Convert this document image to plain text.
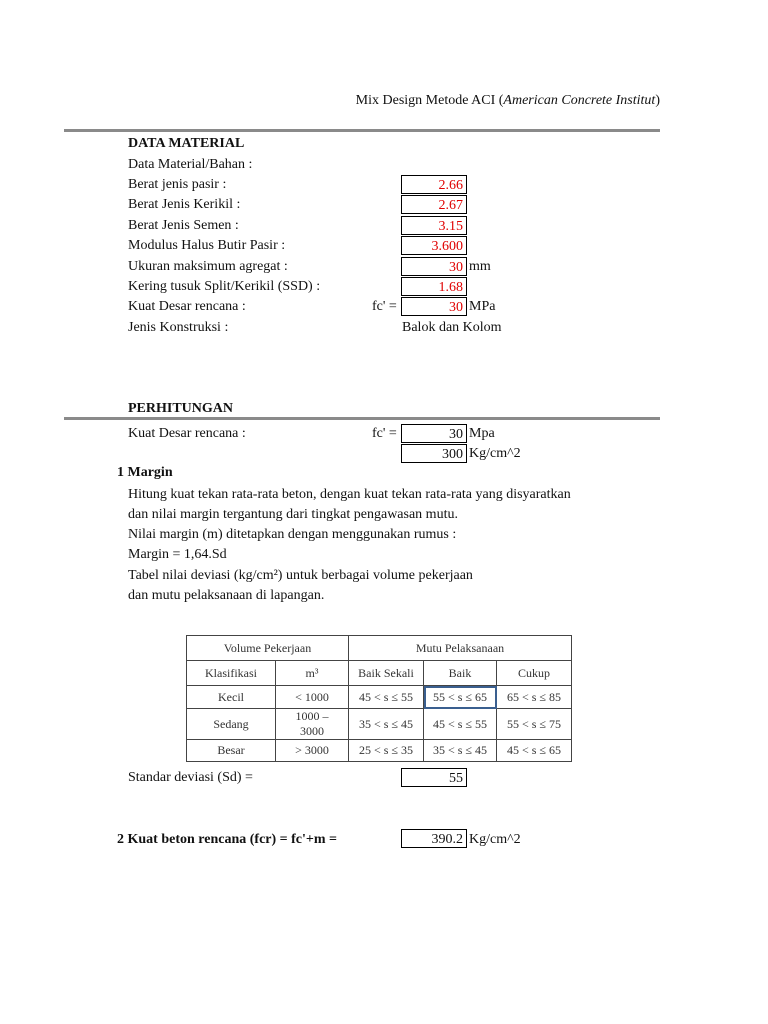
Mix Design Metode ACI (American Concrete Institut)
DATA MATERIAL
Data Material/Bahan :
Berat jenis pasir :	2.66
Berat Jenis Kerikil :	2.67
Berat Jenis Semen :	3.15
Modulus Halus Butir Pasir :	3.600
Ukuran maksimum agregat :	30 mm
Kering tusuk Split/Kerikil (SSD) :	1.68
Kuat Desar rencana :	fc' =	30 MPa
Jenis Konstruksi :	Balok dan Kolom
PERHITUNGAN
Kuat Desar rencana :	fc' =	30 Mpa
300 Kg/cm^2
1 Margin
Hitung kuat tekan rata-rata beton, dengan kuat tekan rata-rata yang disyaratkan
dan nilai margin tergantung dari tingkat pengawasan mutu.
Nilai margin (m) ditetapkan dengan menggunakan rumus :
Margin = 1,64.Sd
Tabel nilai deviasi (kg/cm²) untuk berbagai volume pekerjaan
dan mutu pelaksanaan di lapangan.
Volume Pekerjaan		Mutu Pelaksanaan		
Klasifikasi	m³	Baik Sekali	Baik	Cukup
Kecil	< 1000	45 < s ≤ 55	55 < s ≤ 65	65 < s ≤ 85
Sedang	1000 – 3000	35 < s ≤ 45	45 < s ≤ 55	55 < s ≤ 75
Besar	> 3000	25 < s ≤ 35	35 < s ≤ 45	45 < s ≤ 65
Standar deviasi (Sd) =	55
2 Kuat beton rencana (fcr) = fc'+m =	390.2 Kg/cm^2
